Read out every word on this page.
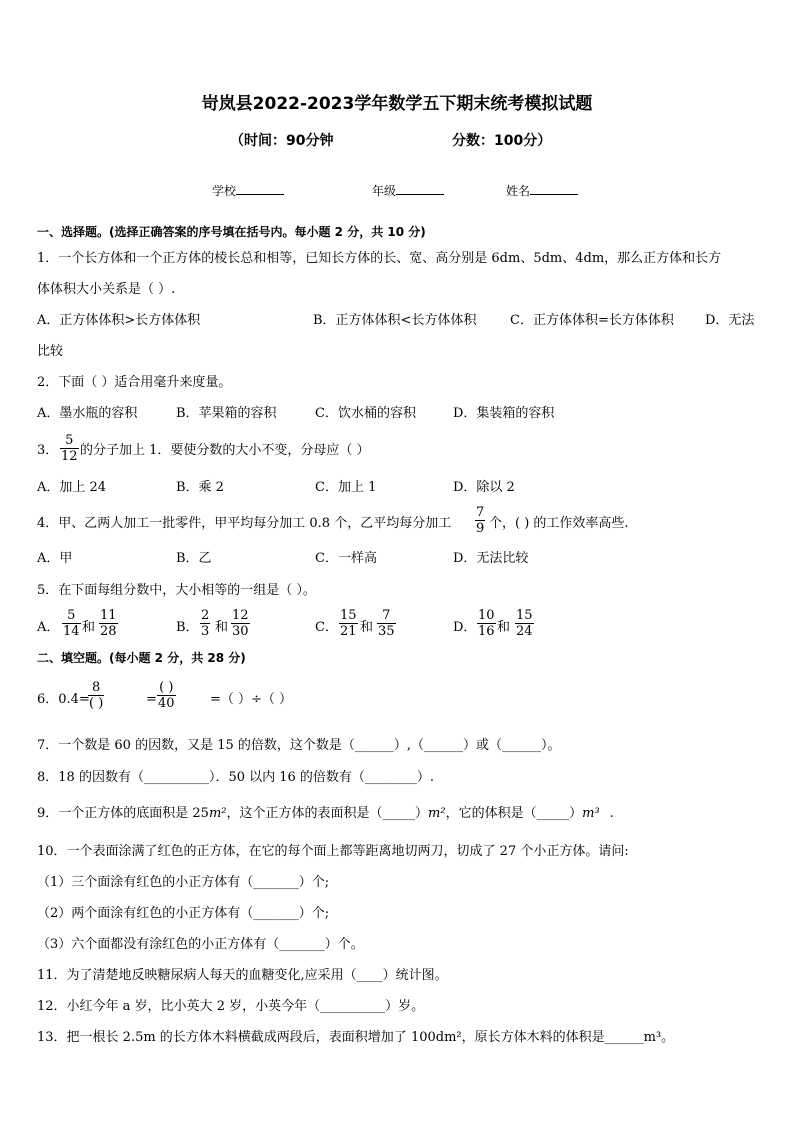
岢岚县2022-2023学年数学五下期末统考模拟试题
（时间：90分钟	分数：100分）
学校	年级	姓名
一、选择题。(选择正确答案的序号填在括号内。每小题 2 分，共 10 分)
1．一个长方体和一个正方体的棱长总和相等，已知长方体的长、宽、高分别是 6dm、5dm、4dm，那么正方体和长方
体体积大小关系是（ ）.
A．正方体体积>长方体体积	B．正方体体积<长方体体积	C．正方体体积=长方体体积 D．无法
比较
2．下面（ ）适合用毫升来度量。
A．墨水瓶的容积	B．苹果箱的容积	C．饮水桶的容积	D．集装箱的容积
3． $\frac{5}{12}$ 的分子加上 1．要使分数的大小不变，分母应（ ）
A．加上 24	B．乘 2	C．加上 1	D．除以 2
4．甲、乙两人加工一批零件，甲平均每分加工 0.8 个，乙平均每分加工 $\frac{7}{9}$ 个，( ) 的工作效率高些.
A．甲	B．乙	C．一样高	D．无法比较
5．在下面每组分数中，大小相等的一组是（ ）。
A． $\frac{5}{14}$ 和 $\frac{11}{28}$	B． $\frac{2}{3}$ 和 $\frac{12}{30}$	C． $\frac{15}{21}$ 和 $\frac{7}{35}$	D． $\frac{10}{16}$ 和 $\frac{15}{24}$
二、填空题。(每小题 2 分，共 28 分)
6．0.4=
8
( )	=
( )
40	=（ ）÷（ ）
7．一个数是 60 的因数，又是 15 的倍数，这个数是（______）,（______）或（______）。
8．18 的因数有（__________）．50 以内 16 的倍数有（________）.
9．一个正方体的底面积是 25m²，这个正方体的表面积是（_____）m²，它的体积是（_____）m³ .
10．一个表面涂满了红色的正方体，在它的每个面上都等距离地切两刀，切成了 27 个小正方体。请问:
（1）三个面涂有红色的小正方体有（_______）个;
（2）两个面涂有红色的小正方体有（_______）个;
（3）六个面都没有涂红色的小正方体有（_______）个。
11．为了清楚地反映糖尿病人每天的血糖变化,应采用（____）统计图。
12．小红今年 a 岁，比小英大 2 岁，小英今年（__________）岁。
13．把一根长 2.5m 的长方体木料横截成两段后，表面积增加了 100dm²，原长方体木料的体积是______m³。
